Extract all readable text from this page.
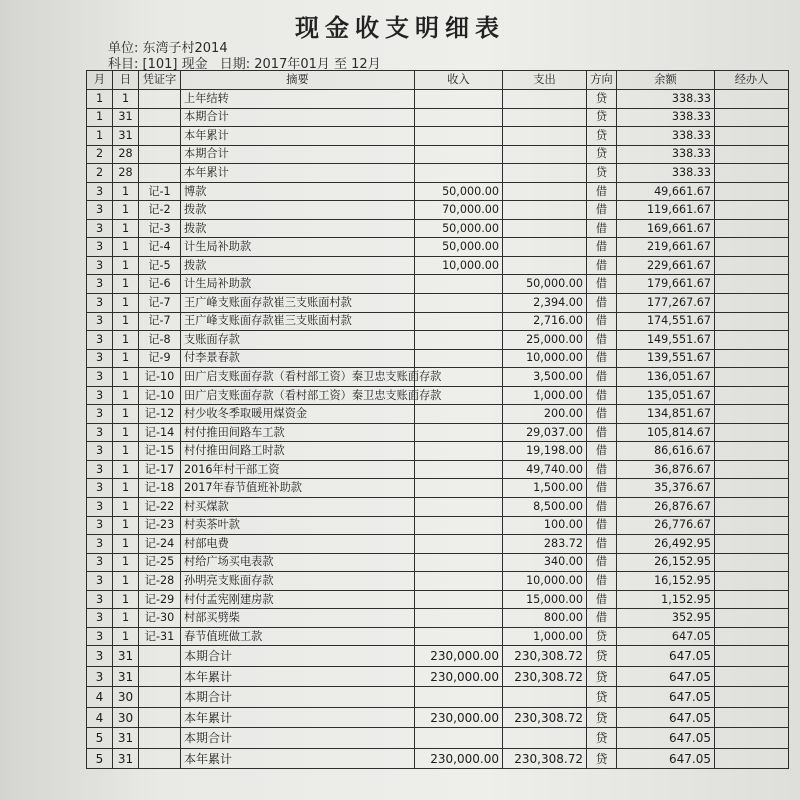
现金收支明细表
单位: 东湾子村2014
科目: [101] 现金 日期: 2017年01月 至 12月
月	日	凭证字	摘要	收入	支出	方向	余额	经办人
1	1		上年结转			贷	338.33	
1	31		本期合计			贷	338.33	
1	31		本年累计			贷	338.33	
2	28		本期合计			贷	338.33	
2	28		本年累计			贷	338.33	
3	1	记-1	博款	50,000.00		借	49,661.67	
3	1	记-2	拨款	70,000.00		借	119,661.67	
3	1	记-3	拨款	50,000.00		借	169,661.67	
3	1	记-4	计生局补助款	50,000.00		借	219,661.67	
3	1	记-5	拨款	10,000.00		借	229,661.67	
3	1	记-6	计生局补助款		50,000.00	借	179,661.67	
3	1	记-7	王广峰支账面存款崔三支账面村款		2,394.00	借	177,267.67	
3	1	记-7	王广峰支账面存款崔三支账面村款		2,716.00	借	174,551.67	
3	1	记-8	支账面存款		25,000.00	借	149,551.67	
3	1	记-9	付李景春款		10,000.00	借	139,551.67	
3	1	记-10	田广启支账面存款（看村部工资）秦卫忠支账面存款		3,500.00	借	136,051.67	
3	1	记-10	田广启支账面存款（看村部工资）秦卫忠支账面存款		1,000.00	借	135,051.67	
3	1	记-12	村少收冬季取暖用煤资金		200.00	借	134,851.67	
3	1	记-14	村付推田间路车工款		29,037.00	借	105,814.67	
3	1	记-15	村付推田间路工时款		19,198.00	借	86,616.67	
3	1	记-17	2016年村干部工资		49,740.00	借	36,876.67	
3	1	记-18	2017年春节值班补助款		1,500.00	借	35,376.67	
3	1	记-22	村买煤款		8,500.00	借	26,876.67	
3	1	记-23	村卖茶叶款		100.00	借	26,776.67	
3	1	记-24	村部电费		283.72	借	26,492.95	
3	1	记-25	村给广场买电表款		340.00	借	26,152.95	
3	1	记-28	孙明亮支账面存款		10,000.00	借	16,152.95	
3	1	记-29	村付孟宪刚建房款		15,000.00	借	1,152.95	
3	1	记-30	村部买劈柴		800.00	借	352.95	
3	1	记-31	春节值班做工款		1,000.00	贷	647.05	
3	31		本期合计	230,000.00	230,308.72	贷	647.05	
3	31		本年累计	230,000.00	230,308.72	贷	647.05	
4	30		本期合计			贷	647.05	
4	30		本年累计	230,000.00	230,308.72	贷	647.05	
5	31		本期合计			贷	647.05	
5	31		本年累计	230,000.00	230,308.72	贷	647.05	
